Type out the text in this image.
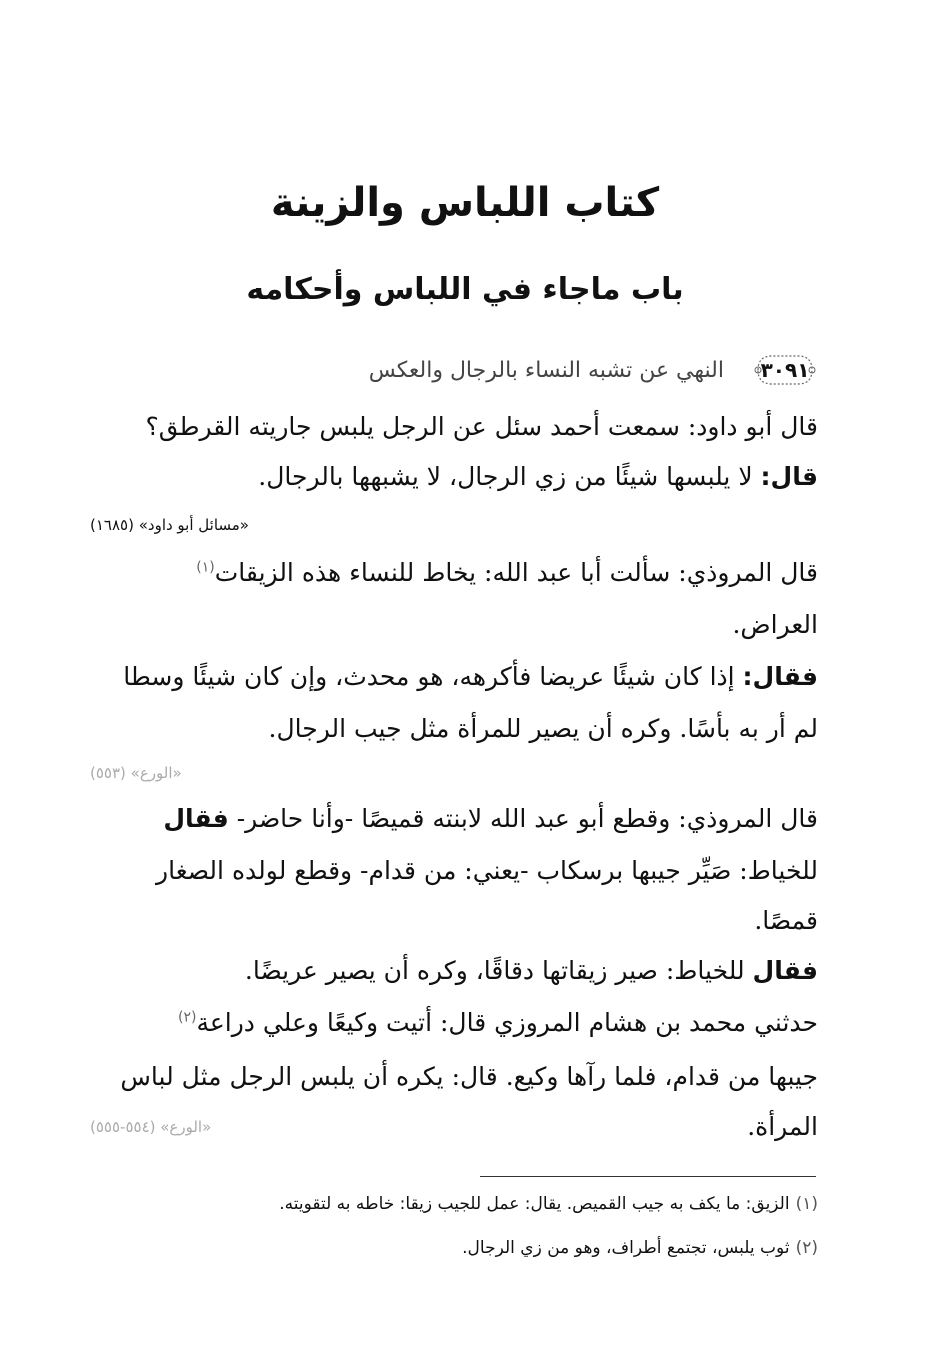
كتاب اللباس والزينة
باب ماجاء في اللباس وأحكامه
٣٠٩١
النهي عن تشبه النساء بالرجال والعكس
قال أبو داود: سمعت أحمد سئل عن الرجل يلبس جاريته القرطق؟
قال: لا يلبسها شيئًا من زي الرجال، لا يشبهها بالرجال.
«مسائل أبو داود» (١٦٨٥)
قال المروذي: سألت أبا عبد الله: يخاط للنساء هذه الزيقات$^{(١)}$
العراض.
فقال: إذا كان شيئًا عريضا فأكرهه، هو محدث، وإن كان شيئًا وسطا
لم أر به بأسًا. وكره أن يصير للمرأة مثل جيب الرجال.
«الورع» (٥٥٣)
قال المروذي: وقطع أبو عبد الله لابنته قميصًا -وأنا حاضر- فقال
للخياط: صَيِّر جيبها برسكاب -يعني: من قدام- وقطع لولده الصغار
قمصًا.
فقال للخياط: صير زيقاتها دقاقًا، وكره أن يصير عريضًا.
حدثني محمد بن هشام المروزي قال: أتيت وكيعًا وعلي دراعة$^{(٢)}$
جيبها من قدام، فلما رآها وكيع. قال: يكره أن يلبس الرجل مثل لباس
المرأة.
«الورع» (٥٥٤-٥٥٥)
(١)الزيق: ما يكف به جيب القميص. يقال: عمل للجيب زيقا: خاطه به لتقويته.
(٢)ثوب يلبس، تجتمع أطراف، وهو من زي الرجال.
